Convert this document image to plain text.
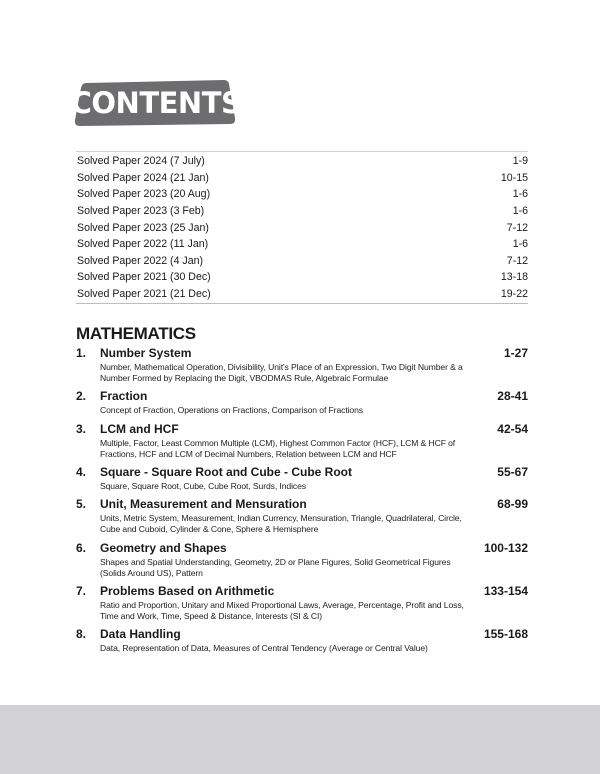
CONTENTS
Solved Paper 2024 (7 July)	1-9
Solved Paper 2024 (21 Jan)	10-15
Solved Paper 2023 (20 Aug)	1-6
Solved Paper 2023 (3 Feb)	1-6
Solved Paper 2023 (25 Jan)	7-12
Solved Paper 2022 (11 Jan)	1-6
Solved Paper 2022 (4 Jan)	7-12
Solved Paper 2021 (30 Dec)	13-18
Solved Paper 2021 (21 Dec)	19-22
MATHEMATICS
1.	Number System	1-27
Number, Mathematical Operation, Divisibility, Unit's Place of an Expression, Two Digit Number & a Number Formed by Replacing the Digit, VBODMAS Rule, Algebraic Formulae
2.	Fraction	28-41
Concept of Fraction, Operations on Fractions, Comparison of Fractions
3.	LCM and HCF	42-54
Multiple, Factor, Least Common Multiple (LCM), Highest Common Factor (HCF), LCM & HCF of Fractions, HCF and LCM of Decimal Numbers, Relation between LCM and HCF
4.	Square - Square Root and Cube - Cube Root	55-67
Square, Square Root, Cube, Cube Root, Surds, Indices
5.	Unit, Measurement and Mensuration	68-99
Units, Metric System, Measurement, Indian Currency, Mensuration, Triangle, Quadrilateral, Circle, Cube and Cuboid, Cylinder & Cone, Sphere & Hemisphere
6.	Geometry and Shapes	100-132
Shapes and Spatial Understanding, Geometry, 2D or Plane Figures, Solid Geometrical Figures (Solids Around US), Pattern
7.	Problems Based on Arithmetic	133-154
Ratio and Proportion, Unitary and Mixed Proportional Laws, Average, Percentage, Profit and Loss, Time and Work, Time, Speed & Distance, Interests (SI & CI)
8.	Data Handling	155-168
Data, Representation of Data, Measures of Central Tendency (Average or Central Value)
